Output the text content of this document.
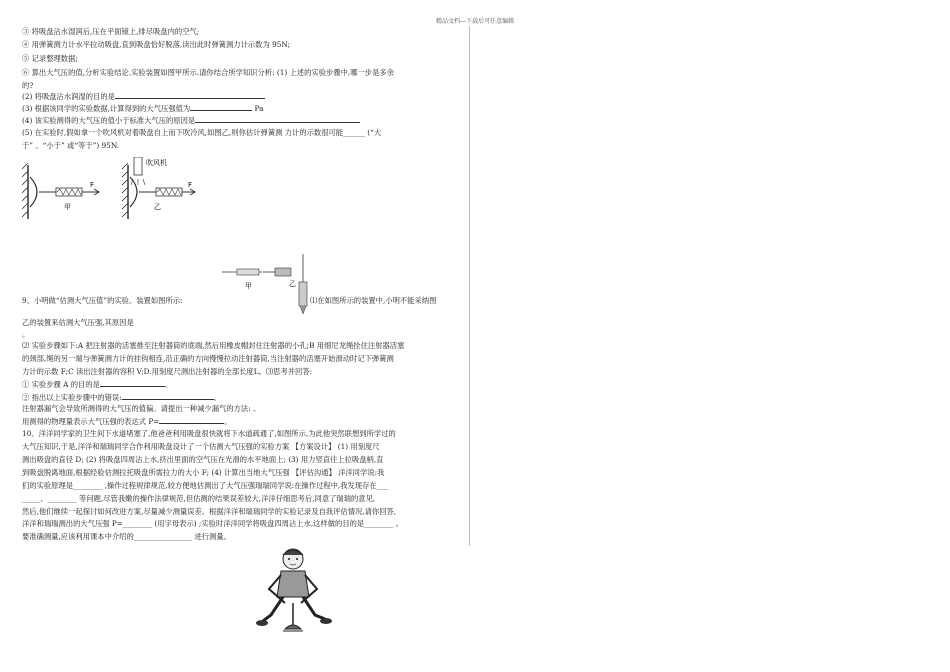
精品文档---下载后可任意编辑
③ 将吸盘沾水湿润后,压在平面镜上,排尽吸盘内的空气;
④ 用弹簧测力计水平拉动吸盘,直到吸盘恰好脱落,读出此时弹簧测力计示数为 95N;
⑤ 记录整理数据;
⑥ 算出大气压的值,分析实验结论.实验装置如图甲所示.请你结合所学知识分析: (1) 上述的实验步骤中,哪一步是多余
的?
(2) 将吸盘沾水润湿的目的是
(3) 根据该同学的实验数据,计算得到的大气压强值为	Pa
(4) 该实验测得的大气压的值小于标准大气压的原因是
(5) 在实验时,假如拿一个吹风机对着吸盘自上而下吹冷风,如图乙,则你估计弹簧测 力计的示数很可能______ (“大
于” 、“小于” 或“等于”) 95N.
F
甲
吹风机
F
乙
甲	乙
9、小明做“估测大气压值”的实验。装置如图所示:	⑴在如图所示的装置中,小明不能采纳图
乙的装置来估测大气压强,其原因是
。
⑵ 实验步骤如下:A 把注射器的活塞推至注射器筒的底端,然后用橡皮帽封住注射器的小孔;B 用细尼龙绳拴住注射器活塞
的颈部,绳的另一端与弹簧测力计的挂钩相连,沿正确的方向慢慢拉动注射器筒,当注射器的活塞开始滑动时记下弹簧测
力计的示数 F;C 读出注射器的容积 V;D.用刻度尺测出注射器的全部长度L。⑶思考并回答:
① 实验步骤 A 的目的是	。
② 指出以上实验步骤中的错误:	。
注射器漏气会导致所测得的大气压的值偏。请提出一种减少漏气的方法: 。
用测得的物理量表示大气压强的表达式 P=	。
10、洋洋同学家的卫生间下水道堵塞了,他爸爸利用吸盘很快就将下水道疏通了,如图所示,为此他突然联想到所学过的
大气压知识,于是,洋洋和瑞瑞同学合作利用吸盘设计了一个估测大气压强的实验方案 【方案设计】 (1) 用刻度尺
测出吸盘的直径 D; (2) 将吸盘四周沾上水,挤出里面的空气压在光滑的水平地面上; (3) 用力竖直往上拉吸盘柄,直
到吸盘脱离地面,根据经验估测拉托吸盘所需拉力的大小 F; (4) 计算出当地大气压强 【评估沟通】 洋洋同学说:我
们的实验原理是________ ,操作过程规律规范,较方便地估测出了大气压强瑞瑞同学说:在操作过程中,我发现存在___
_____、________ 等问题,尽管我嫩的操作法律规范,但估测的结果误差较大,洋洋仔细思考后,同意了瑞瑞的意见,
然后,他们继续一起探讨如何改进方案,尽量减少测量误差。根据洋洋和瑞瑞同学的实验记录及自我评估情况,请你回答,
洋洋和瑞瑞测出的大气压强 P=________ (用字母表示) ;实验时洋洋同学将吸盘四周沾上水,这样做的目的是________ 。
要准确测量,应该利用课本中介绍的________________ 进行测量。
